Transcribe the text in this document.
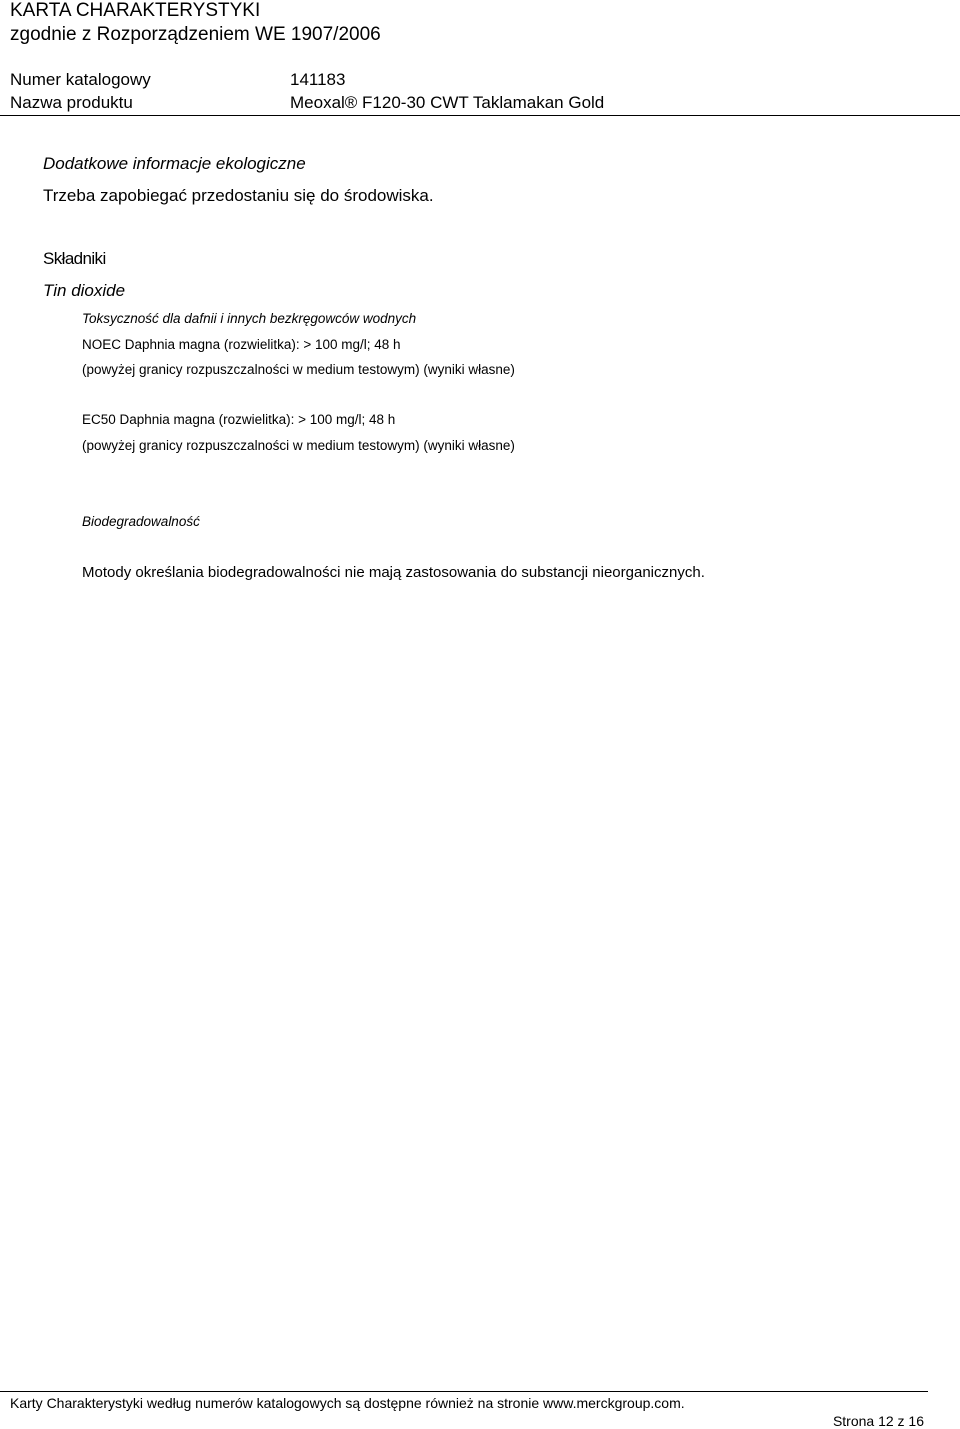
KARTA CHARAKTERYSTYKI
zgodnie z Rozporządzeniem WE 1907/2006
Numer katalogowy	141183
Nazwa produktu	Meoxal® F120-30 CWT Taklamakan Gold
Dodatkowe informacje ekologiczne
Trzeba zapobiegać przedostaniu się do środowiska.
Składniki
Tin dioxide
Toksyczność dla dafnii i innych bezkręgowców wodnych
NOEC Daphnia magna (rozwielitka): > 100 mg/l; 48 h
(powyżej granicy rozpuszczalności w medium testowym) (wyniki własne)
EC50 Daphnia magna (rozwielitka): > 100 mg/l; 48 h
(powyżej granicy rozpuszczalności w medium testowym) (wyniki własne)
Biodegradowalność
Motody określania biodegradowalności nie mają zastosowania do substancji nieorganicznych.
Karty Charakterystyki według numerów katalogowych są dostępne również na stronie www.merckgroup.com.
Strona 12 z 16
